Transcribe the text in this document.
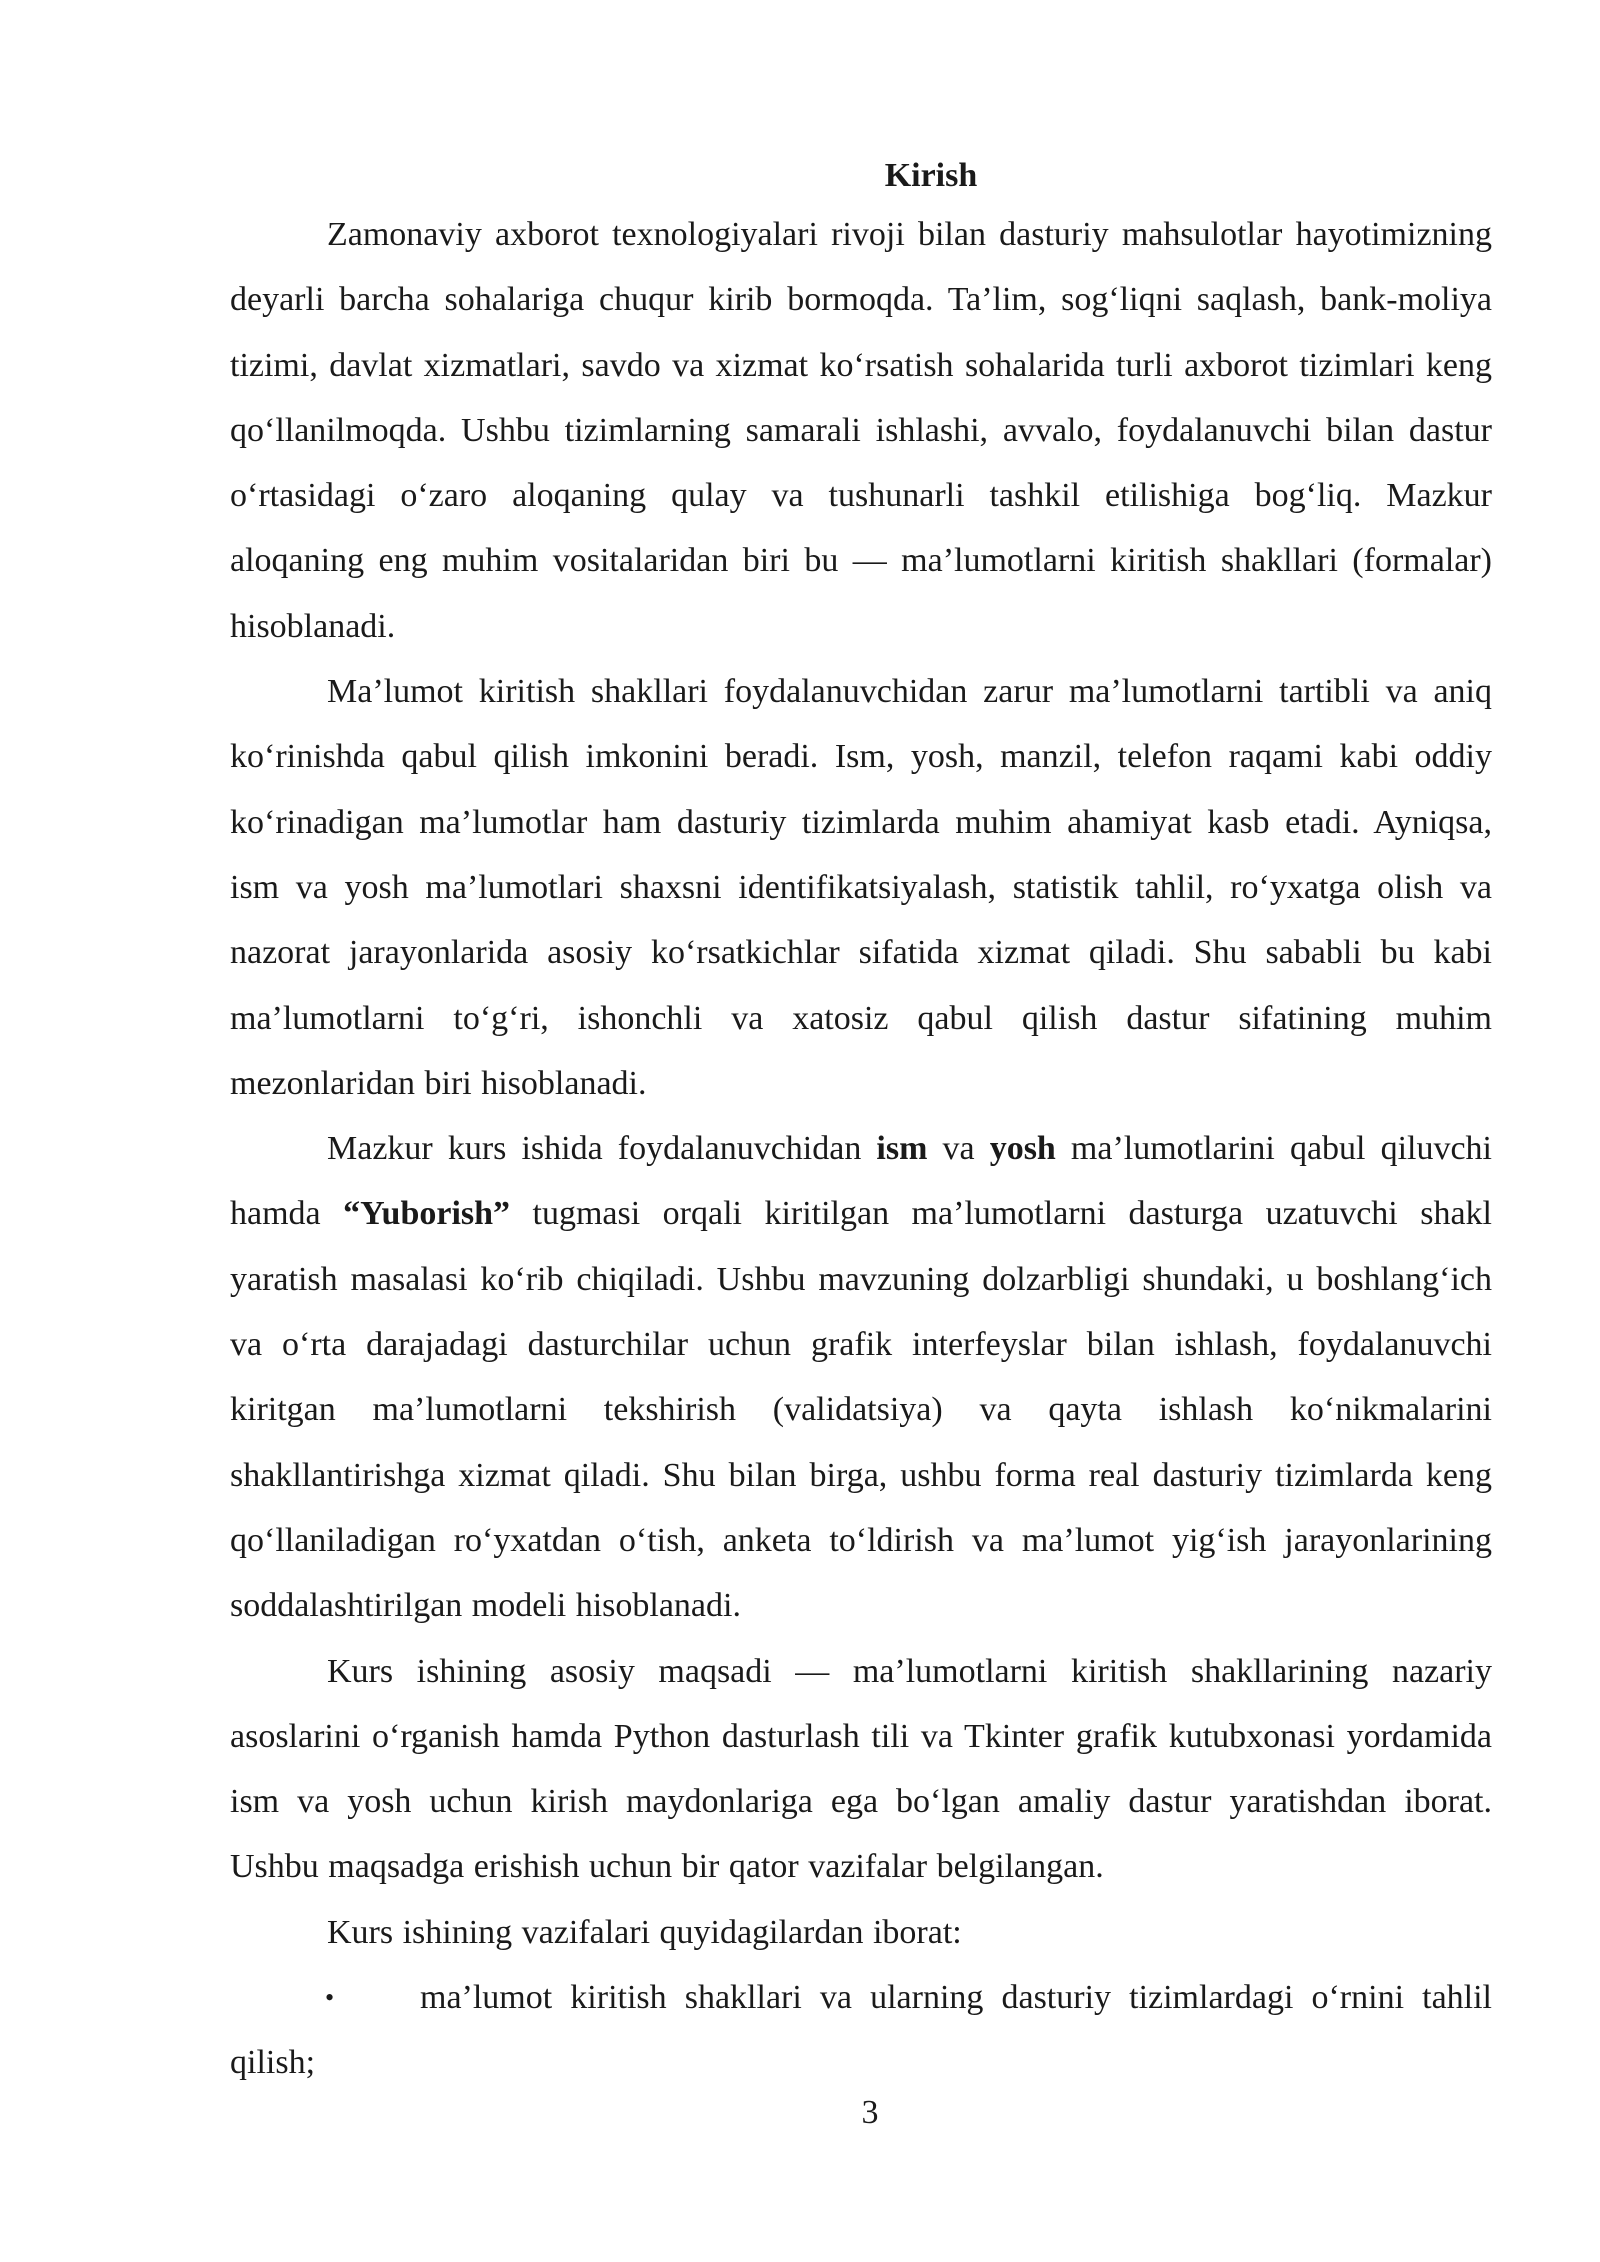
Kirish

Zamonaviy axborot texnologiyalari rivoji bilan dasturiy mahsulotlar hayotimizning deyarli barcha sohalariga chuqur kirib bormoqda. Ta’lim, sog‘liqni saqlash, bank-moliya tizimi, davlat xizmatlari, savdo va xizmat ko‘rsatish sohalarida turli axborot tizimlari keng qo‘llanilmoqda. Ushbu tizimlarning samarali ishlashi, avvalo, foydalanuvchi bilan dastur o‘rtasidagi o‘zaro aloqaning qulay va tushunarli tashkil etilishiga bog‘liq. Mazkur aloqaning eng muhim vositalaridan biri bu — ma’lumotlarni kiritish shakllari (formalar) hisoblanadi.

Ma’lumot kiritish shakllari foydalanuvchidan zarur ma’lumotlarni tartibli va aniq ko‘rinishda qabul qilish imkonini beradi. Ism, yosh, manzil, telefon raqami kabi oddiy ko‘rinadigan ma’lumotlar ham dasturiy tizimlarda muhim ahamiyat kasb etadi. Ayniqsa, ism va yosh ma’lumotlari shaxsni identifikatsiyalash, statistik tahlil, ro‘yxatga olish va nazorat jarayonlarida asosiy ko‘rsatkichlar sifatida xizmat qiladi. Shu sababli bu kabi ma’lumotlarni to‘g‘ri, ishonchli va xatosiz qabul qilish dastur sifatining muhim mezonlaridan biri hisoblanadi.

Mazkur kurs ishida foydalanuvchidan ism va yosh ma’lumotlarini qabul qiluvchi hamda “Yuborish” tugmasi orqali kiritilgan ma’lumotlarni dasturga uzatuvchi shakl yaratish masalasi ko‘rib chiqiladi. Ushbu mavzuning dolzarbligi shundaki, u boshlang‘ich va o‘rta darajadagi dasturchilar uchun grafik interfeyslar bilan ishlash, foydalanuvchi kiritgan ma’lumotlarni tekshirish (validatsiya) va qayta ishlash ko‘nikmalarini shakllantirishga xizmat qiladi. Shu bilan birga, ushbu forma real dasturiy tizimlarda keng qo‘llaniladigan ro‘yxatdan o‘tish, anketa to‘ldirish va ma’lumot yig‘ish jarayonlarining soddalashtirilgan modeli hisoblanadi.

Kurs ishining asosiy maqsadi — ma’lumotlarni kiritish shakllarining nazariy asoslarini o‘rganish hamda Python dasturlash tili va Tkinter grafik kutubxonasi yordamida ism va yosh uchun kirish maydonlariga ega bo‘lgan amaliy dastur yaratishdan iborat. Ushbu maqsadga erishish uchun bir qator vazifalar belgilangan.

Kurs ishining vazifalari quyidagilardan iborat:

•	ma’lumot kiritish shakllari va ularning dasturiy tizimlardagi o‘rnini tahlil qilish;

3
